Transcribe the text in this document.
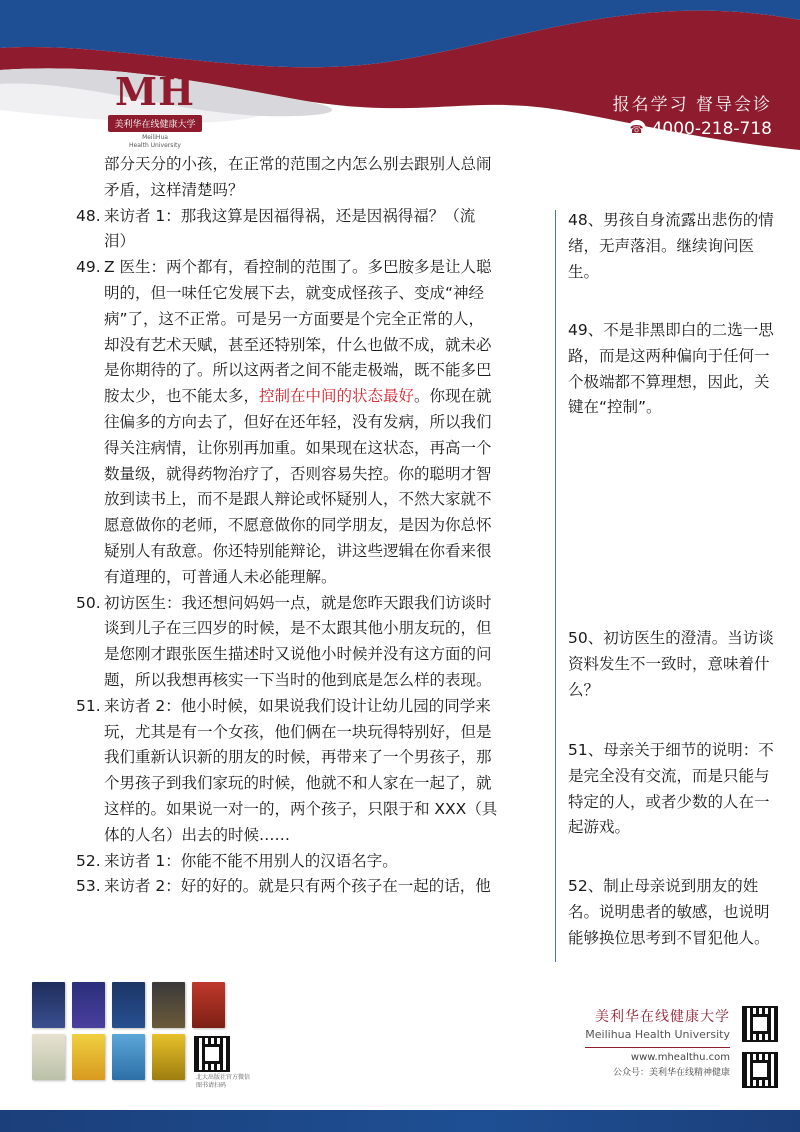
MH
美利华在线健康大学
MeiliHua
Health University
报名学习 督导会诊
☎ 4000-218-718
部分天分的小孩，在正常的范围之内怎么别去跟别人总闹
矛盾，这样清楚吗？
48. 来访者 1：那我这算是因福得祸，还是因祸得福？（流
泪）
49. Z 医生：两个都有，看控制的范围了。多巴胺多是让人聪
明的，但一味任它发展下去，就变成怪孩子、变成“神经
病”了，这不正常。可是另一方面要是个完全正常的人，
却没有艺术天赋，甚至还特别笨，什么也做不成，就未必
是你期待的了。所以这两者之间不能走极端，既不能多巴
胺太少，也不能太多，控制在中间的状态最好。你现在就
往偏多的方向去了，但好在还年轻，没有发病，所以我们
得关注病情，让你别再加重。如果现在这状态，再高一个
数量级，就得药物治疗了，否则容易失控。你的聪明才智
放到读书上，而不是跟人辩论或怀疑别人，不然大家就不
愿意做你的老师，不愿意做你的同学朋友，是因为你总怀
疑别人有敌意。你还特别能辩论，讲这些逻辑在你看来很
有道理的，可普通人未必能理解。
50. 初访医生：我还想问妈妈一点，就是您昨天跟我们访谈时
谈到儿子在三四岁的时候，是不太跟其他小朋友玩的，但
是您刚才跟张医生描述时又说他小时候并没有这方面的问
题，所以我想再核实一下当时的他到底是怎么样的表现。
51. 来访者 2：他小时候，如果说我们设计让幼儿园的同学来
玩，尤其是有一个女孩，他们俩在一块玩得特别好，但是
我们重新认识新的朋友的时候，再带来了一个男孩子，那
个男孩子到我们家玩的时候，他就不和人家在一起了，就
这样的。如果说一对一的，两个孩子，只限于和 XXX（具
体的人名）出去的时候……
52. 来访者 1：你能不能不用别人的汉语名字。
53. 来访者 2：好的好的。就是只有两个孩子在一起的话，他
48、男孩自身流露出悲伤的情
绪，无声落泪。继续询问医
生。
49、不是非黑即白的二选一思
路，而是这两种偏向于任何一
个极端都不算理想，因此，关
键在“控制”。
50、初访医生的澄清。当访谈
资料发生不一致时，意味着什
么？
51、母亲关于细节的说明：不
是完全没有交流，而是只能与
特定的人，或者少数的人在一
起游戏。
52、制止母亲说到朋友的姓
名。说明患者的敏感，也说明
能够换位思考到不冒犯他人。
北大出版社官方微信
图书请扫码
美利华在线健康大学
Meilihua Health University
www.mhealthu.com
公众号：美利华在线精神健康
